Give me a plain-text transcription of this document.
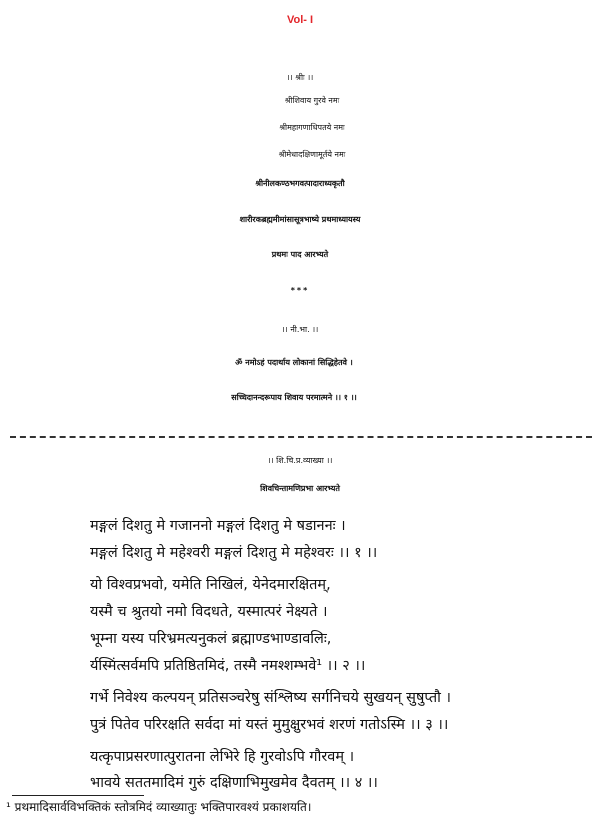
Vol- I
।। श्रीः ।।
श्रीशिवाय गुरवे नमः
श्रीमहागणाधिपतये नमः
श्रीमेधादक्षिणामूर्तये नमः
श्रीनीलकण्ठभगवत्पादाराध्यकृतौ
शारीरकब्रह्ममीमांसासूत्रभाष्ये प्रथमाध्यायस्य
प्रथमः पाद आरभ्यते
***
।। नी.भा. ।।
ॐ नमोऽहं पदार्थाय लोकानां सिद्धिहेतवे ।
सच्चिदानन्दरूपाय शिवाय परमात्मने ।। १ ।।
।। शि.चि.प्र.व्याख्या ।।
शिवचिन्तामणिप्रभा आरभ्यते
मङ्गलं दिशतु मे गजाननो मङ्गलं दिशतु मे षडाननः ।
मङ्गलं दिशतु मे महेश्वरी मङ्गलं दिशतु मे महेश्वरः ।। १ ।।
यो विश्वप्रभवो, यमेति निखिलं, येनेदमारक्षितम्,
यस्मै च श्रुतयो नमो विदधते, यस्मात्परं नेक्ष्यते ।
भूम्ना यस्य परिभ्रमत्यनुकलं ब्रह्माण्डभाण्डावलिः,
र्यस्मिंत्सर्वमपि प्रतिष्ठितमिदं, तस्मै नमश्शम्भवे¹ ।। २ ।।
गर्भे निवेश्य कल्पयन् प्रतिसञ्चरेषु संश्लिष्य सर्गनिचये सुखयन् सुषुप्तौ ।
पुत्रं पितेव परिरक्षति सर्वदा मां यस्तं मुमुक्षुरभवं शरणं गतोऽस्मि ।। ३ ।।
यत्कृपाप्रसरणात्पुरातना लेभिरे हि गुरवोऽपि गौरवम् ।
भावये सततमादिमं गुरुं दक्षिणाभिमुखमेव दैवतम् ।। ४ ।।
¹ प्रथमादिसार्वविभक्तिकं स्तोत्रमिदं व्याख्यातुः भक्तिपारवश्यं प्रकाशयति।
